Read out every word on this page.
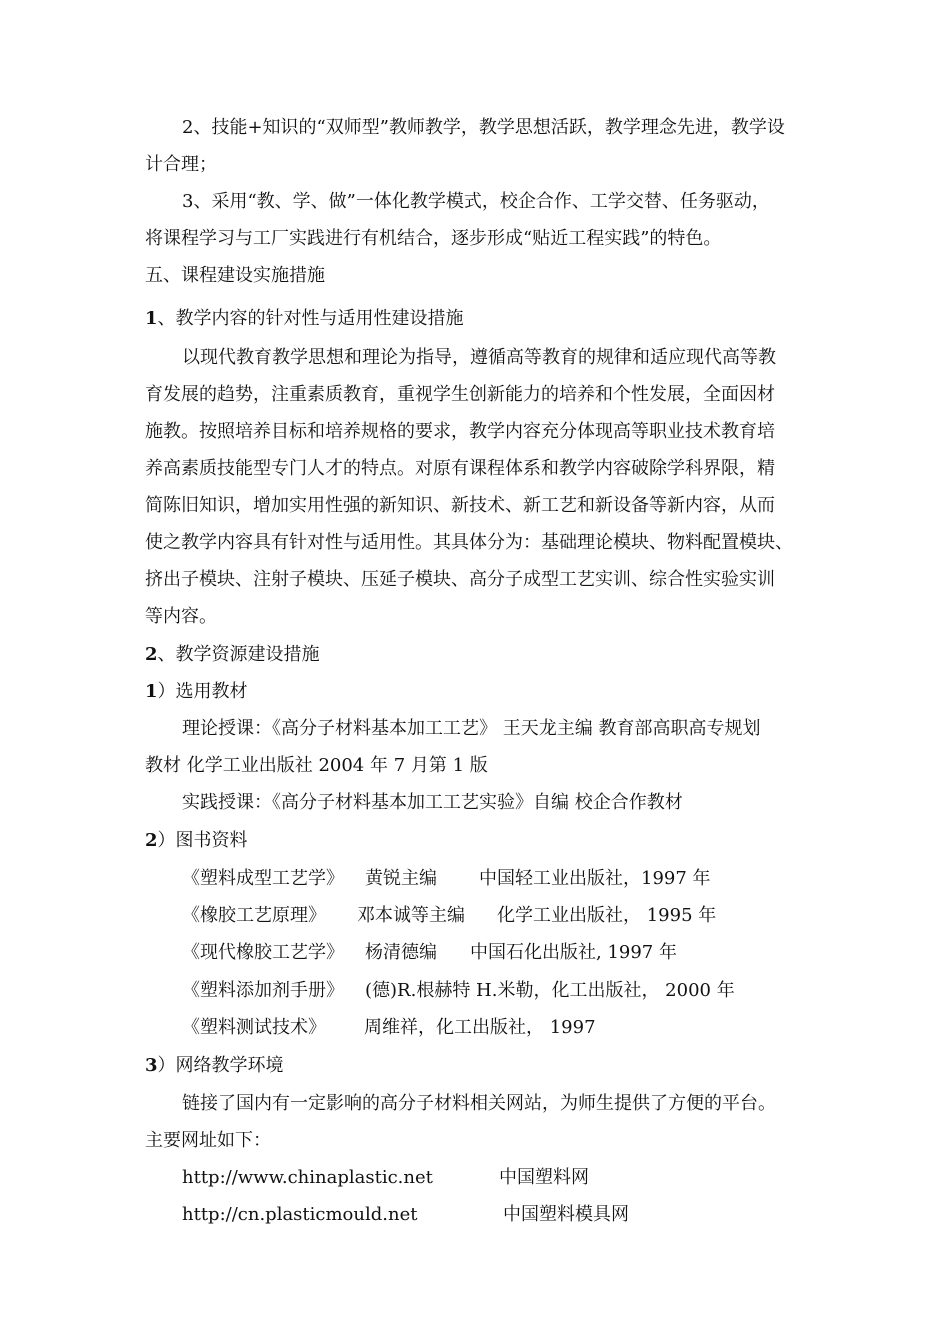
2、技能+知识的“双师型”教师教学，教学思想活跃，教学理念先进，教学设
计合理；
3、采用“教、学、做”一体化教学模式，校企合作、工学交替、任务驱动，
将课程学习与工厂实践进行有机结合，逐步形成“贴近工程实践”的特色。
五、课程建设实施措施
1、教学内容的针对性与适用性建设措施
以现代教育教学思想和理论为指导，遵循高等教育的规律和适应现代高等教
育发展的趋势，注重素质教育，重视学生创新能力的培养和个性发展，全面因材
施教。按照培养目标和培养规格的要求，教学内容充分体现高等职业技术教育培
养高素质技能型专门人才的特点。对原有课程体系和教学内容破除学科界限，精
简陈旧知识，增加实用性强的新知识、新技术、新工艺和新设备等新内容，从而
使之教学内容具有针对性与适用性。其具体分为：基础理论模块、物料配置模块、
挤出子模块、注射子模块、压延子模块、高分子成型工艺实训、综合性实验实训
等内容。
2、教学资源建设措施
1）选用教材
理论授课：《高分子材料基本加工工艺》 王天龙主编 教育部高职高专规划
教材 化学工业出版社 2004 年 7 月第 1 版
实践授课：《高分子材料基本加工工艺实验》自编 校企合作教材
2）图书资料
《塑料成型工艺学》 黄锐主编 中国轻工业出版社，1997 年
《橡胶工艺原理》 邓本诚等主编 化学工业出版社， 1995 年
《现代橡胶工艺学》 杨清德编 中国石化出版社, 1997 年
《塑料添加剂手册》 (德)R.根赫特 H.米勒，化工出版社， 2000 年
《塑料测试技术》 周维祥，化工出版社， 1997
3）网络教学环境
链接了国内有一定影响的高分子材料相关网站，为师生提供了方便的平台。
主要网址如下：
http://www.chinaplastic.net	中国塑料网
http://cn.plasticmould.net	中国塑料模具网
